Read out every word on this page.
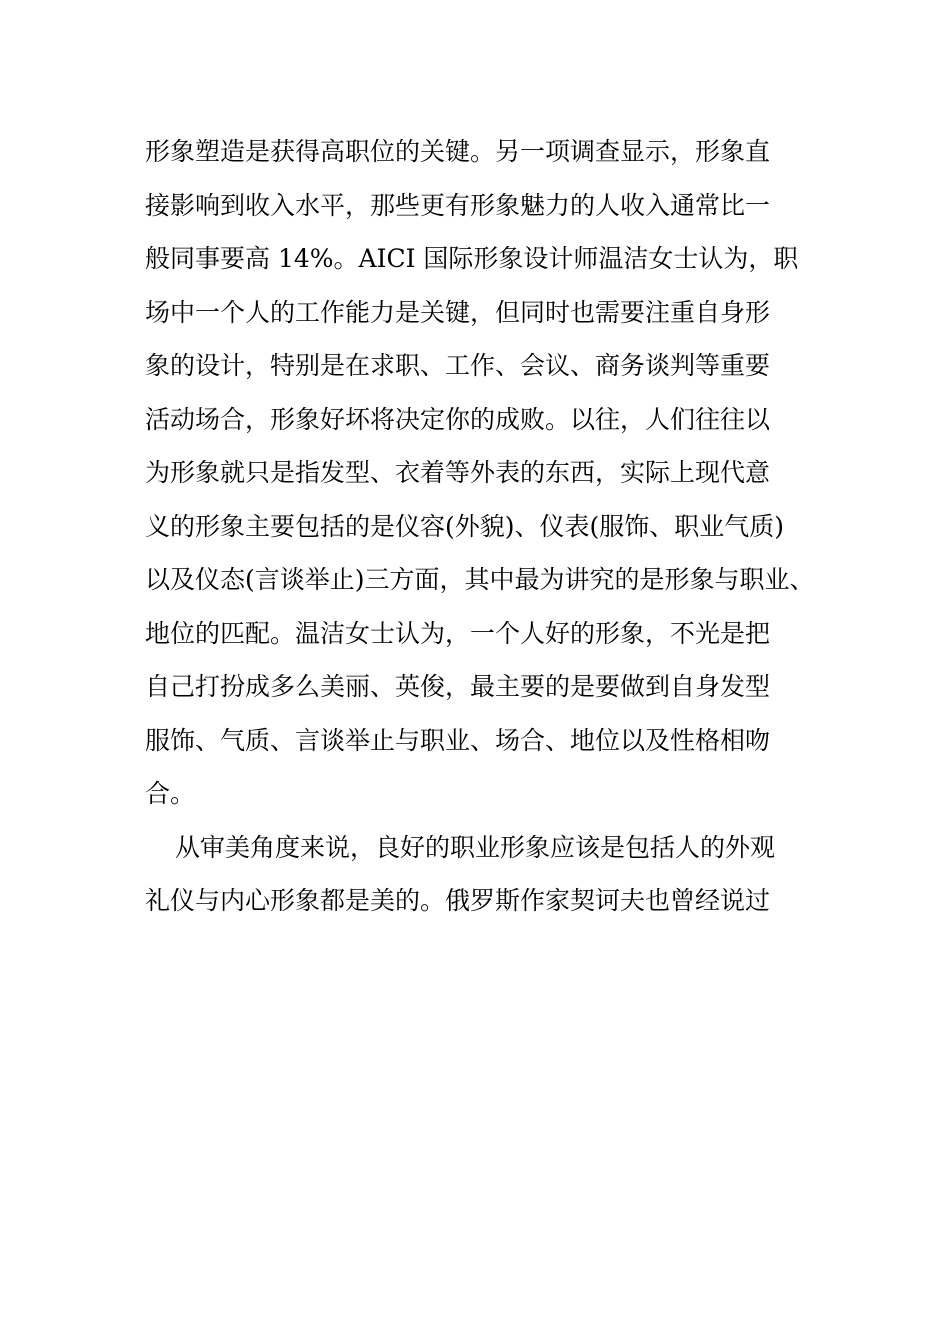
形象塑造是获得高职位的关键。另一项调查显示，形象直
接影响到收入水平，那些更有形象魅力的人收入通常比一
般同事要高 14%。AICI 国际形象设计师温洁女士认为，职
场中一个人的工作能力是关键，但同时也需要注重自身形
象的设计，特别是在求职、工作、会议、商务谈判等重要
活动场合，形象好坏将决定你的成败。以往，人们往往以
为形象就只是指发型、衣着等外表的东西，实际上现代意
义的形象主要包括的是仪容(外貌)、仪表(服饰、职业气质)
以及仪态(言谈举止)三方面，其中最为讲究的是形象与职业、
地位的匹配。温洁女士认为，一个人好的形象，不光是把
自己打扮成多么美丽、英俊，最主要的是要做到自身发型
服饰、气质、言谈举止与职业、场合、地位以及性格相吻
合。
从审美角度来说，良好的职业形象应该是包括人的外观
礼仪与内心形象都是美的。俄罗斯作家契诃夫也曾经说过
